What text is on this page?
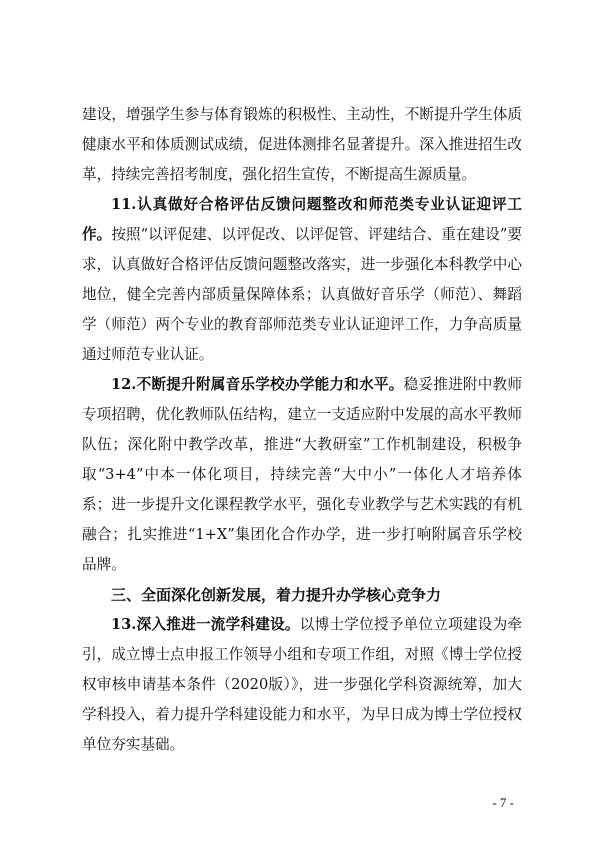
建设，增强学生参与体育锻炼的积极性、主动性，不断提升学生体质健康水平和体质测试成绩，促进体测排名显著提升。深入推进招生改革，持续完善招考制度，强化招生宣传，不断提高生源质量。

11.认真做好合格评估反馈问题整改和师范类专业认证迎评工作。按照“以评促建、以评促改、以评促管、评建结合、重在建设”要求，认真做好合格评估反馈问题整改落实，进一步强化本科教学中心地位，健全完善内部质量保障体系；认真做好音乐学（师范）、舞蹈学（师范）两个专业的教育部师范类专业认证迎评工作，力争高质量通过师范专业认证。

12.不断提升附属音乐学校办学能力和水平。稳妥推进附中教师专项招聘，优化教师队伍结构，建立一支适应附中发展的高水平教师队伍；深化附中教学改革，推进“大教研室”工作机制建设，积极争取“3+4”中本一体化项目，持续完善“大中小”一体化人才培养体系；进一步提升文化课程教学水平，强化专业教学与艺术实践的有机融合；扎实推进“1+X”集团化合作办学，进一步打响附属音乐学校品牌。

三、全面深化创新发展，着力提升办学核心竞争力

13.深入推进一流学科建设。以博士学位授予单位立项建设为牵引，成立博士点申报工作领导小组和专项工作组，对照《博士学位授权审核申请基本条件（2020版）》，进一步强化学科资源统筹，加大学科投入，着力提升学科建设能力和水平，为早日成为博士学位授权单位夯实基础。

- 7 -
